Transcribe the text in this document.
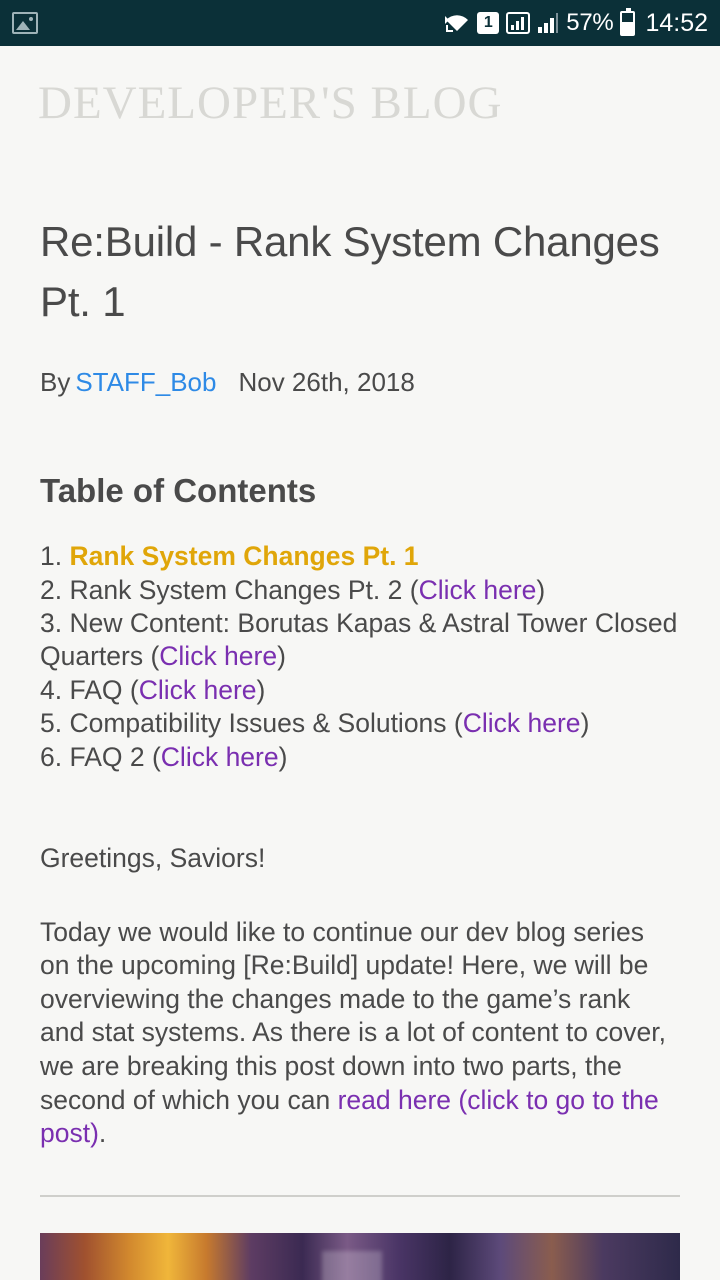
1	57% 14:52
DEVELOPER'S BLOG
Re:Build - Rank System Changes Pt. 1
By STAFF_Bob Nov 26th, 2018
Table of Contents
1. Rank System Changes Pt. 1
2. Rank System Changes Pt. 2 (Click here)
3. New Content: Borutas Kapas & Astral Tower Closed Quarters (Click here)
4. FAQ (Click here)
5. Compatibility Issues & Solutions (Click here)
6. FAQ 2 (Click here)
Greetings, Saviors!
Today we would like to continue our dev blog series on the upcoming [Re:Build] update! Here, we will be overviewing the changes made to the game’s rank and stat systems. As there is a lot of content to cover, we are breaking this post down into two parts, the second of which you can read here (click to go to the post).
